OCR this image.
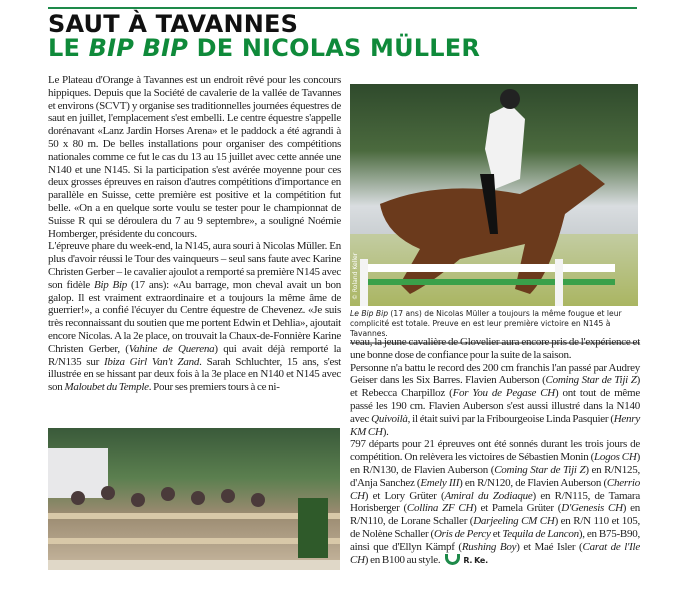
SAUT À TAVANNES
LE BIP BIP DE NICOLAS MÜLLER

Le Plateau d'Orange à Tavannes est un endroit rêvé pour les concours hippiques. Depuis que la Société de cavalerie de la vallée de Tavannes et environs (SCVT) y organise ses traditionnelles journées équestres de saut en juillet, l'emplacement s'est embelli. Le centre équestre s'appelle dorénavant «Lanz Jardin Horses Arena» et le paddock a été agrandi à 50 x 80 m. De belles installations pour organiser des compétitions nationales comme ce fut le cas du 13 au 15 juillet avec cette année une N140 et une N145. Si la participation s'est avérée moyenne pour ces deux grosses épreuves en raison d'autres compétitions d'importance en parallèle en Suisse, cette première est positive et la compétition fut belle. «On a en quelque sorte voulu se tester pour le championnat de Suisse R qui se déroulera du 7 au 9 septembre», a souligné Noémie Homberger, présidente du concours.

L'épreuve phare du week-end, la N145, aura souri à Nicolas Müller. En plus d'avoir réussi le Tour des vainqueurs – seul sans faute avec Karine Christen Gerber – le cavalier ajoulot a remporté sa première N145 avec son fidèle Bip Bip (17 ans): «Au barrage, mon cheval avait un bon galop. Il est vraiment extraordinaire et a toujours la même âme de guerrier!», a confié l'écuyer du Centre équestre de Chevenez. «Je suis très reconnaissant du soutien que me portent Edwin et Dehlia», ajoutait encore Nicolas. A la 2e place, on trouvait la Chaux-de-Fonnière Karine Christen Gerber, (Vahine de Querena) qui avait déjà remporté la R/N135 sur Ibiza Girl Van't Zand. Sarah Schluchter, 15 ans, s'est illustrée en se hissant par deux fois à la 3e place en N140 et N145 avec son Maloubet du Temple. Pour ses premiers tours à ce ni-

© Roland Keller
Le Bip Bip (17 ans) de Nicolas Müller a toujours la même fougue et leur complicité est totale. Preuve en est leur première victoire en N145 à Tavannes.

veau, la jeune cavalière de Glovelier aura encore pris de l'expérience et une bonne dose de confiance pour la suite de la saison.

Personne n'a battu le record des 200 cm franchis l'an passé par Audrey Geiser dans les Six Barres. Flavien Auberson (Coming Star de Tiji Z) et Rebecca Charpilloz (For You de Pegase CH) ont tout de même passé les 190 cm. Flavien Auberson s'est aussi illustré dans la N140 avec Quivoilà, il était suivi par la Fribourgeoise Linda Pasquier (Henry KM CH).

797 départs pour 21 épreuves ont été sonnés durant les trois jours de compétition. On relèvera les victoires de Sébastien Monin (Logos CH) en R/N130, de Flavien Auberson (Coming Star de Tiji Z) en R/N125, d'Anja Sanchez (Emely III) en R/N120, de Flavien Auberson (Cherrio CH) et Lory Grüter (Amiral du Zodiaque) en R/N115, de Tamara Horisberger (Collina ZF CH) et Pamela Grüter (D'Genesis CH) en R/N110, de Lorane Schaller (Darjeeling CM CH) en R/N 110 et 105, de Nolène Schaller (Oris de Percy et Tequila de Lancon), en B75-B90, ainsi que d'Ellyn Kämpf (Rushing Boy) et Maé Isler (Carat de l'Ile CH) en B100 au style.	R. Ke.
